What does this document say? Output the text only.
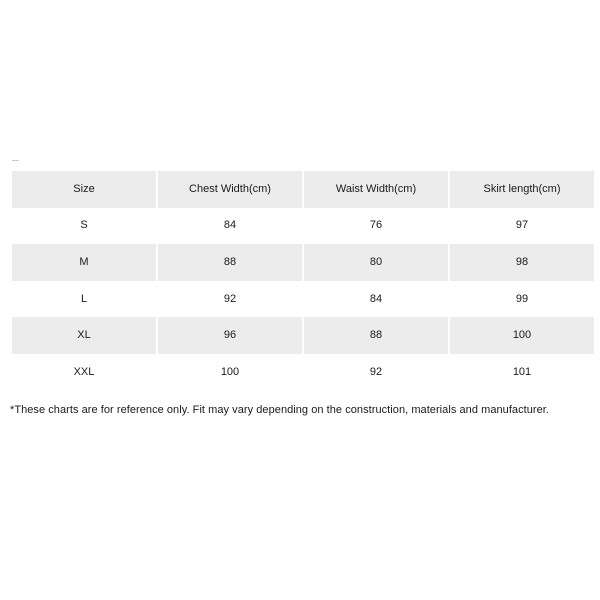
Size	Chest Width(cm)	Waist Width(cm)	Skirt length(cm)
S	84	76	97
M	88	80	98
L	92	84	99
XL	96	88	100
XXL	100	92	101
*These charts are for reference only. Fit may vary depending on the construction, materials and manufacturer.
